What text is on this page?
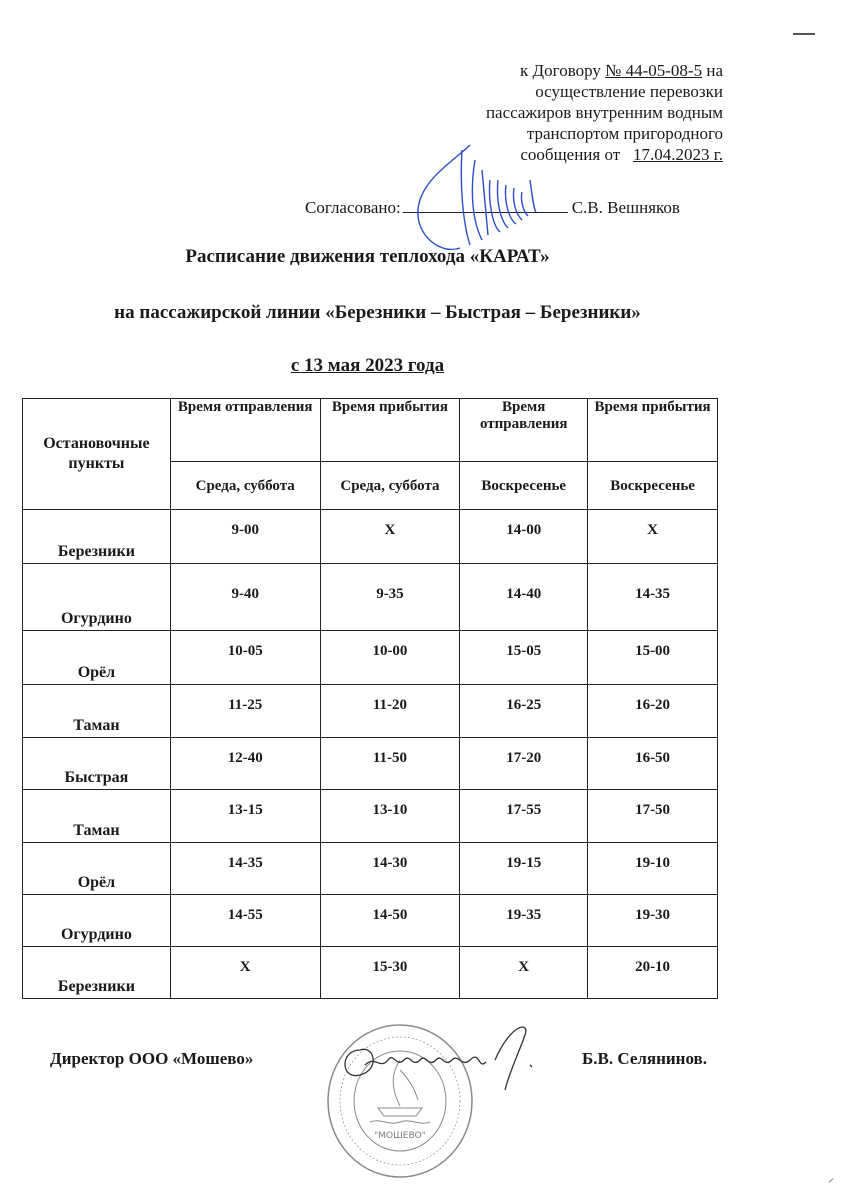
к Договору № 44-05-08-5 на
осуществление перевозки
пассажиров внутренним водным
транспортом пригородного
сообщения от 17.04.2023 г.
Согласовано:	С.В. Вешняков
Расписание движения теплохода «КАРАТ»
на пассажирской линии «Березники – Быстрая – Березники»
с 13 мая 2023 года
Остановочные пункты	Время отправления	Время прибытия	Время отправления	Время прибытия
	Среда, суббота	Среда, суббота	Воскресенье	Воскресенье
Березники	9-00	X	14-00	X
Огурдино	9-40	9-35	14-40	14-35
Орёл	10-05	10-00	15-05	15-00
Таман	11-25	11-20	16-25	16-20
Быстрая	12-40	11-50	17-20	16-50
Таман	13-15	13-10	17-55	17-50
Орёл	14-35	14-30	19-15	19-10
Огурдино	14-55	14-50	19-35	19-30
Березники	X	15-30	X	20-10
Директор ООО «Мошево»	Б.В. Селянинов.
"МОШЕВО"
